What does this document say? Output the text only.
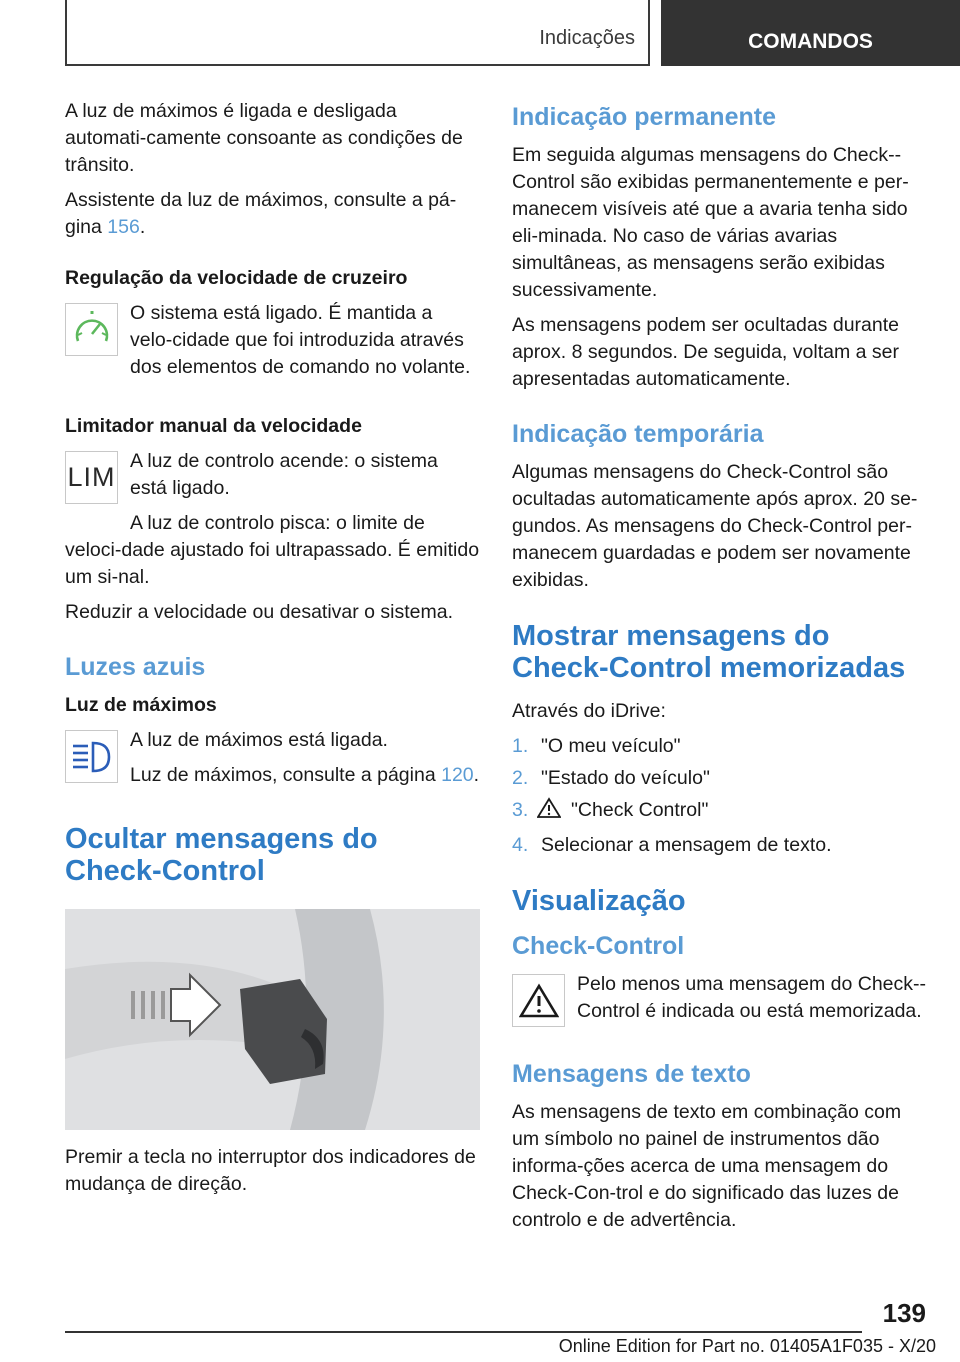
Indicações	COMANDOS

A luz de máximos é ligada e desligada automati-camente consoante as condições de trânsito.

Assistente da luz de máximos, consulte a pá-gina 156.

Regulação da velocidade de cruzeiro

O sistema está ligado. É mantida a velo-cidade que foi introduzida através dos elementos de comando no volante.

Limitador manual da velocidade
LIM

A luz de controlo acende: o sistema está ligado.

A luz de controlo pisca: o limite de veloci-dade ajustado foi ultrapassado. É emitido um si-nal.

Reduzir a velocidade ou desativar o sistema.

Luzes azuis
Luz de máximos

A luz de máximos está ligada.

Luz de máximos, consulte a página 120.

Ocultar mensagens do Check-Control

Premir a tecla no interruptor dos indicadores de mudança de direção.

Indicação permanente

Em seguida algumas mensagens do Check--Control são exibidas permanentemente e per-manecem visíveis até que a avaria tenha sido eli-minada. No caso de várias avarias simultâneas, as mensagens serão exibidas sucessivamente.

As mensagens podem ser ocultadas durante aprox. 8 segundos. De seguida, voltam a ser apresentadas automaticamente.

Indicação temporária

Algumas mensagens do Check-Control são ocultadas automaticamente após aprox. 20 se-gundos. As mensagens do Check-Control per-manecem guardadas e podem ser novamente exibidas.

Mostrar mensagens do Check-Control memorizadas

Através do iDrive:

1. "O meu veículo"
2. "Estado do veículo"
3.	"Check Control"
4. Selecionar a mensagem de texto.
Visualização
Check-Control

Pelo menos uma mensagem do Check--Control é indicada ou está memorizada.

Mensagens de texto

As mensagens de texto em combinação com um símbolo no painel de instrumentos dão informa-ções acerca de uma mensagem do Check-Con-trol e do significado das luzes de controlo e de advertência.

139
Online Edition for Part no. 01405A1F035 - X/20
